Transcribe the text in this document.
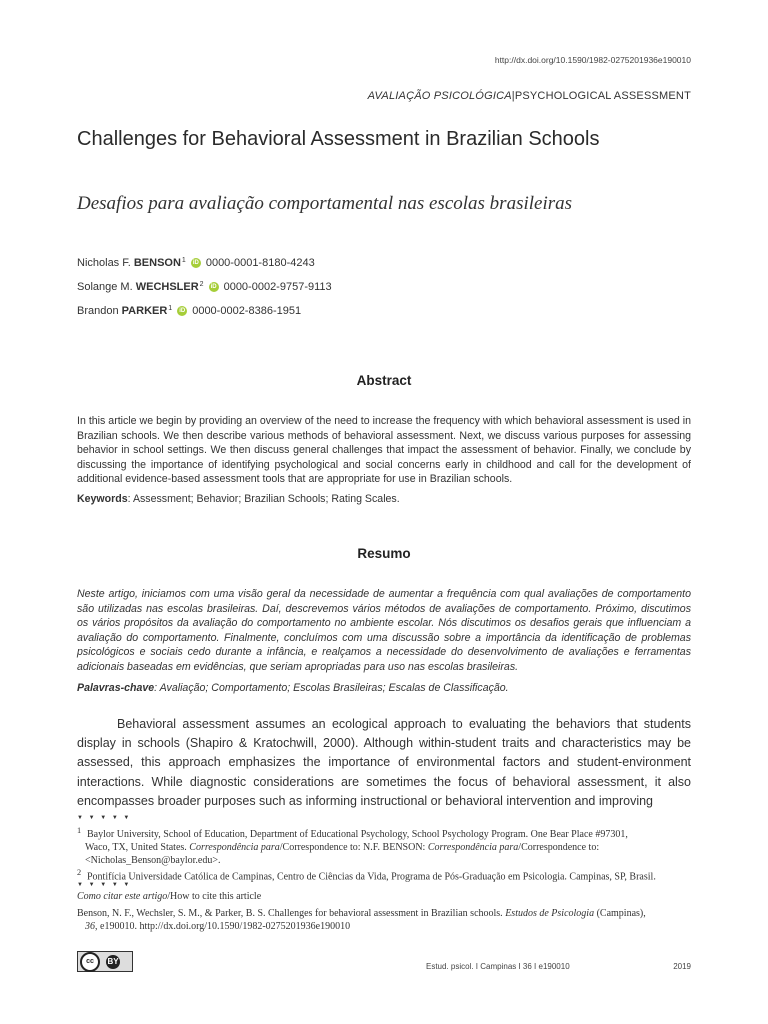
http://dx.doi.org/10.1590/1982-0275201936e190010
AVALIAÇÃO PSICOLÓGICA|PSYCHOLOGICAL ASSESSMENT
Challenges for Behavioral Assessment in Brazilian Schools
Desafios para avaliação comportamental nas escolas brasileiras
Nicholas F. BENSON$^1$	iD 0000-0001-8180-4243
Solange M. WECHSLER$^2$	iD 0000-0002-9757-9113
Brandon PARKER$^1$	iD 0000-0002-8386-1951
Abstract
In this article we begin by providing an overview of the need to increase the frequency with which behavioral assessment is used in Brazilian schools. We then describe various methods of behavioral assessment. Next, we discuss various purposes for assessing behavior in school settings. We then discuss general challenges that impact the assessment of behavior. Finally, we conclude by discussing the importance of identifying psychological and social concerns early in childhood and call for the development of additional evidence-based assessment tools that are appropriate for use in Brazilian schools.
Keywords: Assessment; Behavior; Brazilian Schools; Rating Scales.
Resumo
Neste artigo, iniciamos com uma visão geral da necessidade de aumentar a frequência com qual avaliações de comportamento são utilizadas nas escolas brasileiras. Daí, descrevemos vários métodos de avaliações de comportamento. Próximo, discutimos os vários propósitos da avaliação do comportamento no ambiente escolar. Nós discutimos os desafios gerais que influenciam a avaliação do comportamento. Finalmente, concluímos com uma discussão sobre a importância da identificação de problemas psicológicos e sociais cedo durante a infância, e realçamos a necessidade do desenvolvimento de avaliações e ferramentas adicionais baseadas em evidências, que seriam apropriadas para uso nas escolas brasileiras.
Palavras-chave: Avaliação; Comportamento; Escolas Brasileiras; Escalas de Classificação.
Behavioral assessment assumes an ecological approach to evaluating the behaviors that students display in schools (Shapiro & Kratochwill, 2000). Although within-student traits and characteristics may be assessed, this approach emphasizes the importance of environmental factors and student-environment interactions. While diagnostic considerations are sometimes the focus of behavioral assessment, it also encompasses broader purposes such as informing instructional or behavioral intervention and improving
▼ ▼ ▼ ▼ ▼
$^1$ Baylor University, School of Education, Department of Educational Psychology, School Psychology Program. One Bear Place #97301,
Waco, TX, United States. Correspondência para/Correspondence to: N.F. BENSON: Correspondência para/Correspondence to:
<Nicholas_Benson@baylor.edu>.
$^2$ Pontifícia Universidade Católica de Campinas, Centro de Ciências da Vida, Programa de Pós-Graduação em Psicologia. Campinas, SP, Brasil.
▼ ▼ ▼ ▼ ▼
Como citar este artigo/How to cite this article
Benson, N. F., Wechsler, S. M., & Parker, B. S. Challenges for behavioral assessment in Brazilian schools. Estudos de Psicologia (Campinas),
36, e190010. http://dx.doi.org/10.1590/1982-0275201936e190010
cc	BY
Estud. psicol. I Campinas I 36 I e190010	2019
